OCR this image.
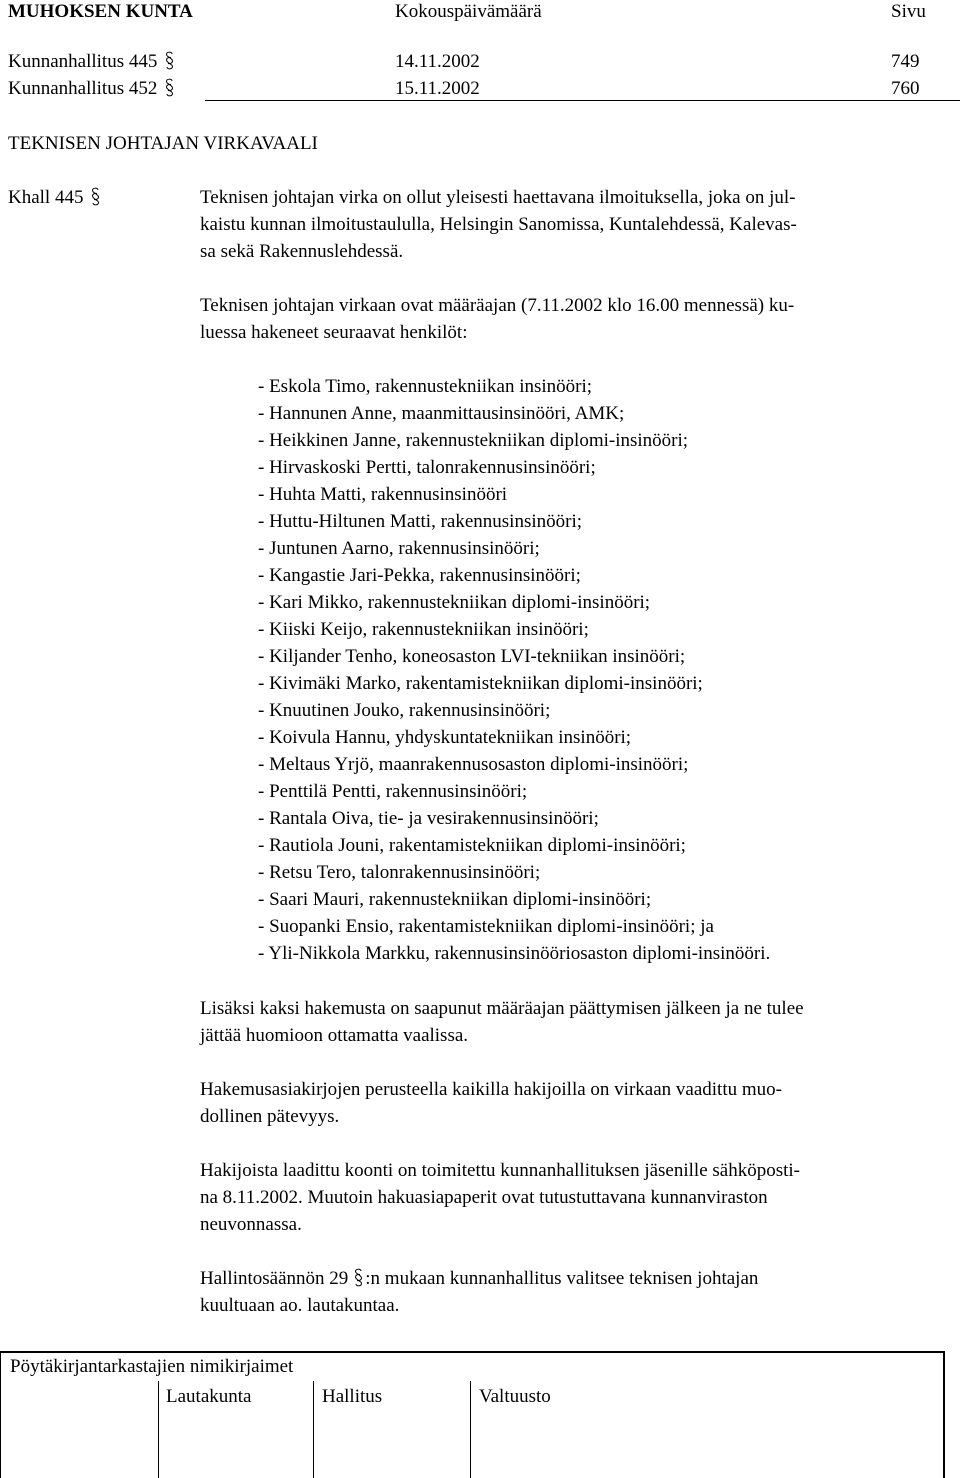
MUHOKSEN KUNTA	Kokouspäivämäärä	Sivu
Kunnanhallitus 445	14.11.2002	749
Kunnanhallitus 452	15.11.2002	760
TEKNISEN JOHTAJAN VIRKAVAALI
Khall 445	Teknisen johtajan virka on ollut yleisesti haettavana ilmoituksella, joka on jul-
kaistu kunnan ilmoitustaululla, Helsingin Sanomissa, Kuntalehdessä, Kalevas-
sa sekä Rakennuslehdessä.
Teknisen johtajan virkaan ovat määräajan (7.11.2002 klo 16.00 mennessä) ku-
luessa hakeneet seuraavat henkilöt:
- Eskola Timo, rakennustekniikan insinööri;
- Hannunen Anne, maanmittausinsinööri, AMK;
- Heikkinen Janne, rakennustekniikan diplomi-insinööri;
- Hirvaskoski Pertti, talonrakennusinsinööri;
- Huhta Matti, rakennusinsinööri
- Huttu-Hiltunen Matti, rakennusinsinööri;
- Juntunen Aarno, rakennusinsinööri;
- Kangastie Jari-Pekka, rakennusinsinööri;
- Kari Mikko, rakennustekniikan diplomi-insinööri;
- Kiiski Keijo, rakennustekniikan insinööri;
- Kiljander Tenho, koneosaston LVI-tekniikan insinööri;
- Kivimäki Marko, rakentamistekniikan diplomi-insinööri;
- Knuutinen Jouko, rakennusinsinööri;
- Koivula Hannu, yhdyskuntatekniikan insinööri;
- Meltaus Yrjö, maanrakennusosaston diplomi-insinööri;
- Penttilä Pentti, rakennusinsinööri;
- Rantala Oiva, tie- ja vesirakennusinsinööri;
- Rautiola Jouni, rakentamistekniikan diplomi-insinööri;
- Retsu Tero, talonrakennusinsinööri;
- Saari Mauri, rakennustekniikan diplomi-insinööri;
- Suopanki Ensio, rakentamistekniikan diplomi-insinööri; ja
- Yli-Nikkola Markku, rakennusinsinööriosaston diplomi-insinööri.
Lisäksi kaksi hakemusta on saapunut määräajan päättymisen jälkeen ja ne tulee
jättää huomioon ottamatta vaalissa.
Hakemusasiakirjojen perusteella kaikilla hakijoilla on virkaan vaadittu muo-
dollinen pätevyys.
Hakijoista laadittu koonti on toimitettu kunnanhallituksen jäsenille sähköposti-
na 8.11.2002. Muutoin hakuasiapaperit ovat tutustuttavana kunnanviraston
neuvonnassa.
Hallintosäännön 29 :n mukaan kunnanhallitus valitsee teknisen johtajan
kuultuaan ao. lautakuntaa.
Pöytäkirjantarkastajien nimikirjaimet
Lautakunta	Hallitus	Valtuusto
